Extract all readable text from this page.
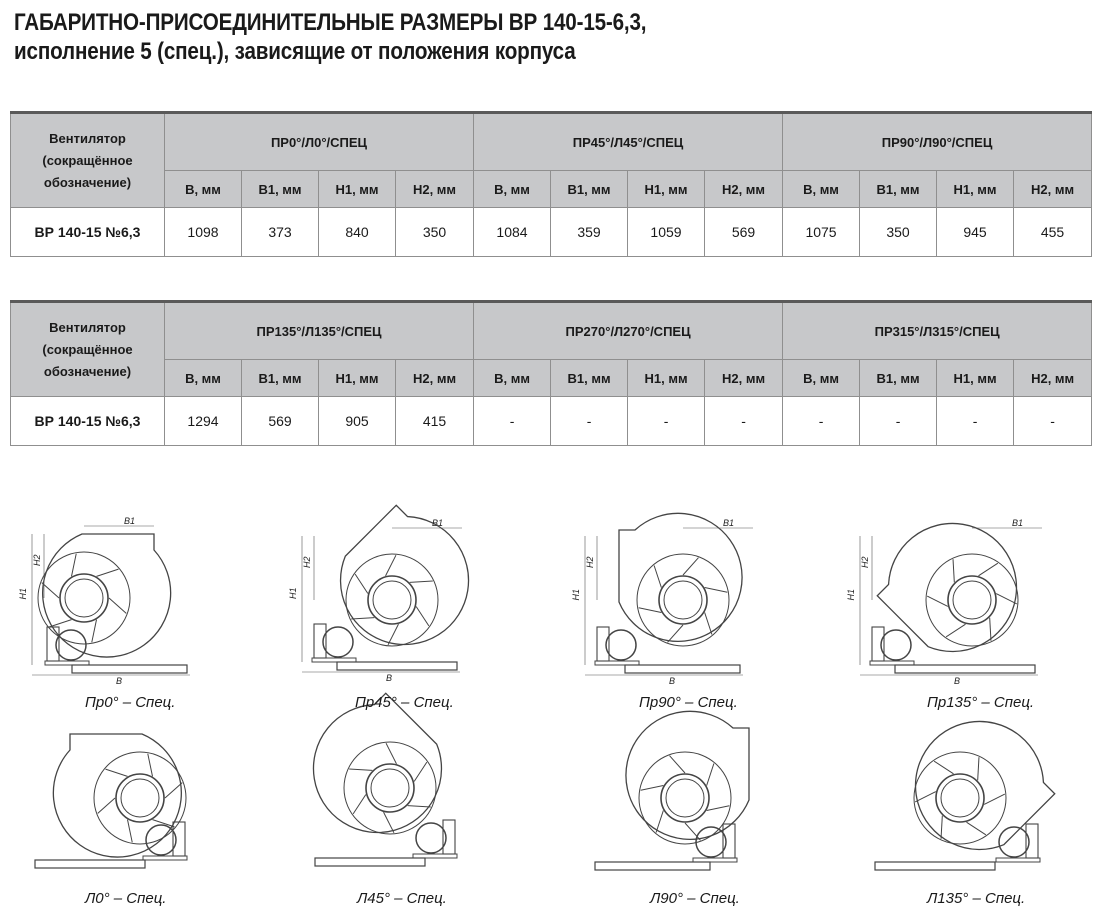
ГАБАРИТНО-ПРИСОЕДИНИТЕЛЬНЫЕ РАЗМЕРЫ ВР 140-15-6,3,
исполнение 5 (спец.), зависящие от положения корпуса
Вентилятор
(сокращённое
обозначение)	ПР0°/Л0°/СПЕЦ				ПР45°/Л45°/СПЕЦ				ПР90°/Л90°/СПЕЦ			
	B, мм	B1, мм	H1, мм	H2, мм	B, мм	B1, мм	H1, мм	H2, мм	B, мм	B1, мм	H1, мм	H2, мм
ВР 140-15 №6,3	1098	373	840	350	1084	359	1059	569	1075	350	945	455
Вентилятор
(сокращённое
обозначение)	ПР135°/Л135°/СПЕЦ				ПР270°/Л270°/СПЕЦ				ПР315°/Л315°/СПЕЦ			
	B, мм	B1, мм	H1, мм	H2, мм	B, мм	B1, мм	H1, мм	H2, мм	B, мм	B1, мм	H1, мм	H2, мм
ВР 140-15 №6,3	1294	569	905	415	-	-	-	-	-	-	-	-
H1
H2
B1
B
H1
H2
B1
B
H1
H2
B1
B
H1
H2
B1
B
Пр0° – Спец.	Пр45° – Спец.	Пр90° – Спец.	Пр135° – Спец.
Л0° – Спец.	Л45° – Спец.	Л90° – Спец.	Л135° – Спец.
